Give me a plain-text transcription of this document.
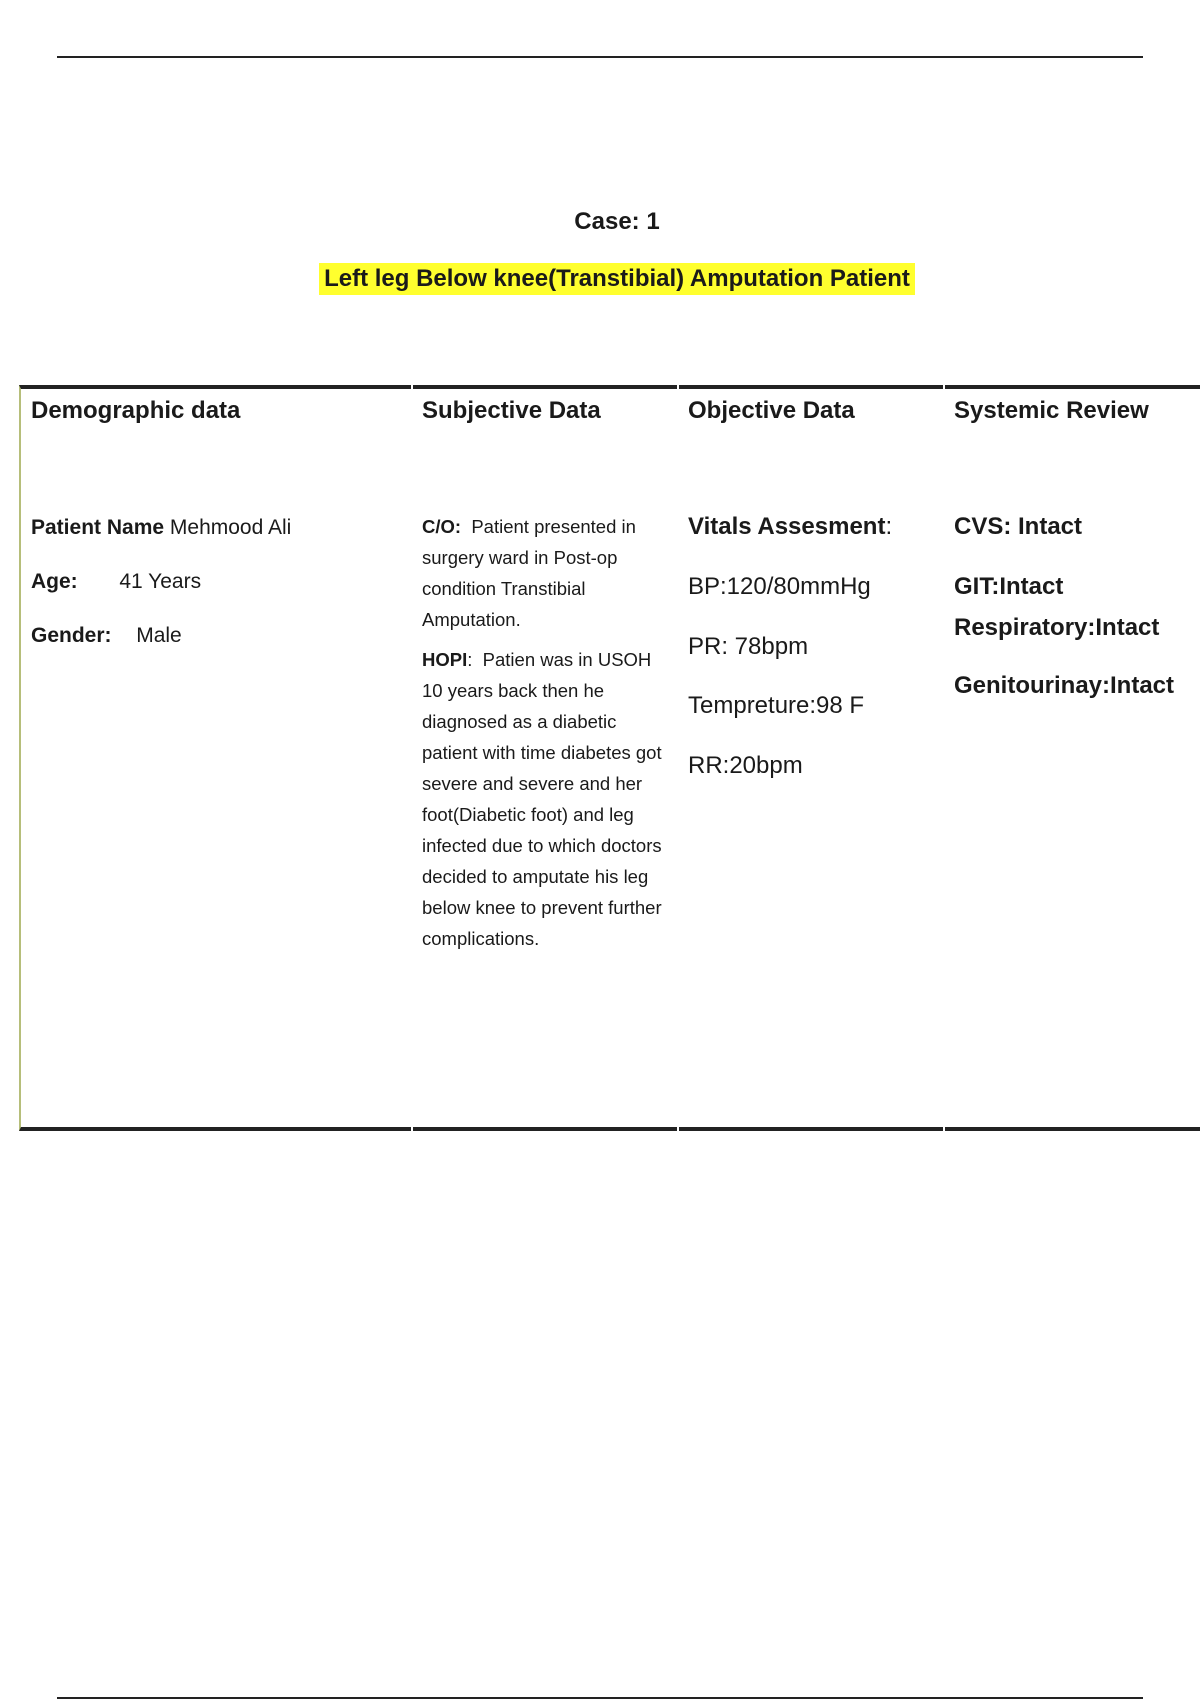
Case: 1
Left leg Below knee(Transtibial) Amputation Patient
Demographic data
Patient Name Mehmood Ali
Age: 41 Years
Gender: Male
Subjective Data

C/O: Patient presented in surgery ward in Post-op condition Transtibial Amputation.

HOPI:  Patien was in USOH 10 years back then he diagnosed as a diabetic patient with time diabetes got severe and severe and her foot(Diabetic foot) and leg infected due to which doctors decided to amputate his leg below knee to prevent further complications.

Objective Data
Vitals Assesment:
BP:120/80mmHg
PR: 78bpm
Tempreture:98 F
RR:20bpm
Systemic Review
CVS: Intact
GIT:Intact
Respiratory:Intact
Genitourinay:Intact
